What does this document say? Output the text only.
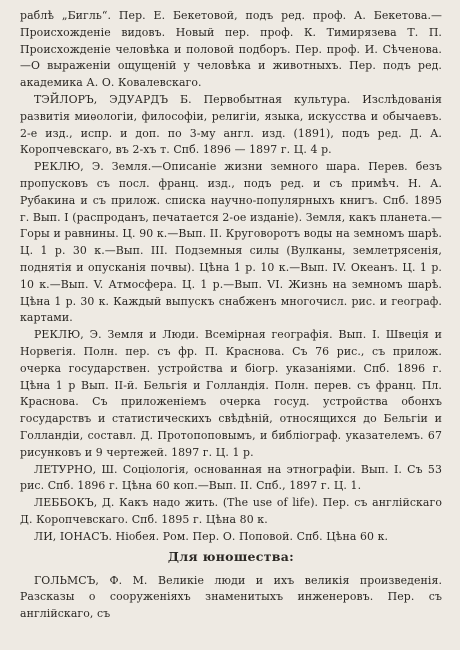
раблѣ „Бигль“. Пер. Е. Бекетовой, подъ ред. проф. А. Бекетова.—Происхожденіе видовъ. Новый пер. проф. К. Тимирязева Т. П. Происхожденіе человѣка и половой подборъ. Пер. проф. И. Сѣченова.—О выраженіи ощущеній у человѣка и животныхъ. Пер. подъ ред. академика А. О. Ковалевскаго.

ТЭЙЛОРЪ, ЭДУАРДЪ Б. Первобытная культура. Изслѣдованія развитія миѳологіи, философіи, религіи, языка, искусства и обычаевъ. 2-е изд., испр. и доп. по 3-му англ. изд. (1891), подъ ред. Д. А. Коропчевскаго, въ 2-хъ т. Спб. 1896 — 1897 г. Ц. 4 р.

РЕКЛЮ, Э. Земля.—Описаніе жизни земного шара. Перев. безъ пропусковъ съ посл. франц. изд., подъ ред. и съ примѣч. Н. А. Рубакина и съ прилож. списка научно-популярныхъ книгъ. Спб. 1895 г. Вып. I (распроданъ, печатается 2-ое изданіе). Земля, какъ планета.—Горы и равнины. Ц. 90 к.—Вып. II. Круговоротъ воды на земномъ шарѣ. Ц. 1 р. 30 к.—Вып. III. Подземныя силы (Вулканы, землетрясенія, поднятія и опусканія почвы). Цѣна 1 р. 10 к.—Вып. IV. Океанъ. Ц. 1 р. 10 к.—Вып. V. Атмосфера. Ц. 1 р.—Вып. VI. Жизнь на земномъ шарѣ. Цѣна 1 р. 30 к. Каждый выпускъ снабженъ многочисл. рис. и географ. картами.

РЕКЛЮ, Э. Земля и Люди. Всемірная географія. Вып. I. Швеція и Норвегія. Полн. пер. съ фр. П. Краснова. Съ 76 рис., съ прилож. очерка государствен. устройства и біогр. указаніями. Спб. 1896 г. Цѣна 1 р Вып. II-й. Бельгія и Голландія. Полн. перев. съ франц. Пл. Краснова. Съ приложеніемъ очерка госуд. устройства обонхъ государствъ и статистическихъ свѣдѣній, относящихся до Бельгіи и Голландіи, составл. Д. Протопоповымъ, и библіограф. указателемъ. 67 рисунковъ и 9 чертежей. 1897 г. Ц. 1 р.

ЛЕТУРНО, Ш. Соціологія, основанная на этнографіи. Вып. I. Съ 53 рис. Спб. 1896 г. Цѣна 60 коп.—Вып. II. Спб., 1897 г. Ц. 1.

ЛЕББОКЪ, Д. Какъ надо жить. (The use of life). Пер. съ англійскаго Д. Коропчевскаго. Спб. 1895 г. Цѣна 80 к.

ЛИ, ІОНАСЪ. Ніобея. Ром. Пер. О. Поповой. Спб. Цѣна 60 к.

Для юношества:

ГОЛЬМСЪ, Ф. М. Великіе люди и ихъ великія произведенія. Разсказы о сооруженіяхъ знаменитыхъ инженеровъ. Пер. съ англійскаго, съ
